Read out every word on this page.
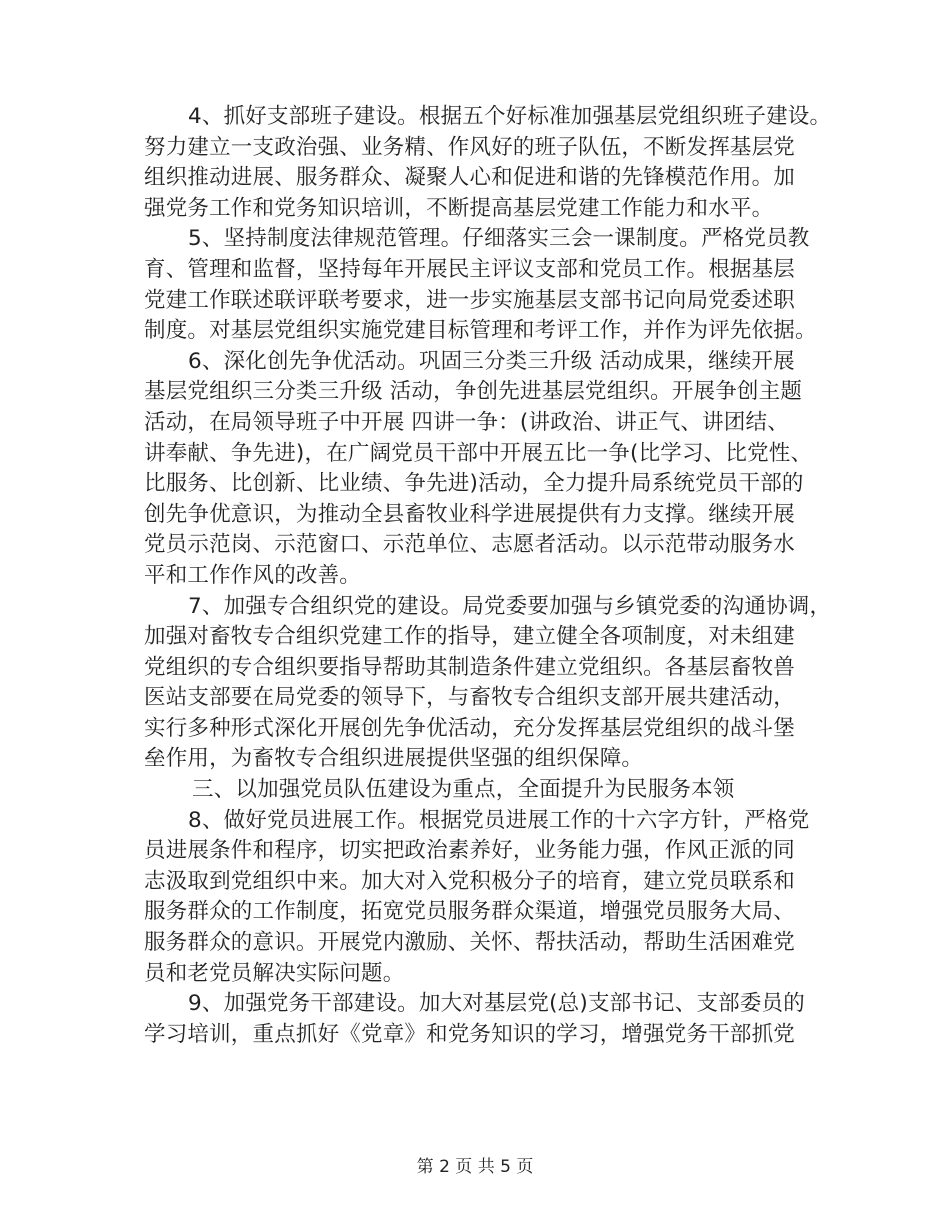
4、抓好支部班子建设。根据五个好标准加强基层党组织班子建设。
努力建立一支政治强、业务精、作风好的班子队伍，不断发挥基层党
组织推动进展、服务群众、凝聚人心和促进和谐的先锋模范作用。加
强党务工作和党务知识培训，不断提高基层党建工作能力和水平。
5、坚持制度法律规范管理。仔细落实三会一课制度。严格党员教
育、管理和监督，坚持每年开展民主评议支部和党员工作。根据基层
党建工作联述联评联考要求，进一步实施基层支部书记向局党委述职
制度。对基层党组织实施党建目标管理和考评工作，并作为评先依据。
6、深化创先争优活动。巩固三分类三升级 活动成果，继续开展
基层党组织三分类三升级 活动，争创先进基层党组织。开展争创主题
活动，在局领导班子中开展 四讲一争：(讲政治、讲正气、讲团结、
讲奉献、争先进)，在广阔党员干部中开展五比一争(比学习、比党性、
比服务、比创新、比业绩、争先进)活动，全力提升局系统党员干部的
创先争优意识，为推动全县畜牧业科学进展提供有力支撑。继续开展
党员示范岗、示范窗口、示范单位、志愿者活动。以示范带动服务水
平和工作作风的改善。
7、加强专合组织党的建设。局党委要加强与乡镇党委的沟通协调，
加强对畜牧专合组织党建工作的指导，建立健全各项制度，对未组建
党组织的专合组织要指导帮助其制造条件建立党组织。各基层畜牧兽
医站支部要在局党委的领导下，与畜牧专合组织支部开展共建活动，
实行多种形式深化开展创先争优活动，充分发挥基层党组织的战斗堡
垒作用，为畜牧专合组织进展提供坚强的组织保障。
三、以加强党员队伍建设为重点，全面提升为民服务本领
8、做好党员进展工作。根据党员进展工作的十六字方针，严格党
员进展条件和程序，切实把政治素养好，业务能力强，作风正派的同
志汲取到党组织中来。加大对入党积极分子的培育，建立党员联系和
服务群众的工作制度，拓宽党员服务群众渠道，增强党员服务大局、
服务群众的意识。开展党内激励、关怀、帮扶活动，帮助生活困难党
员和老党员解决实际问题。
9、加强党务干部建设。加大对基层党(总)支部书记、支部委员的
学习培训，重点抓好《党章》和党务知识的学习，增强党务干部抓党
第 2 页 共 5 页
